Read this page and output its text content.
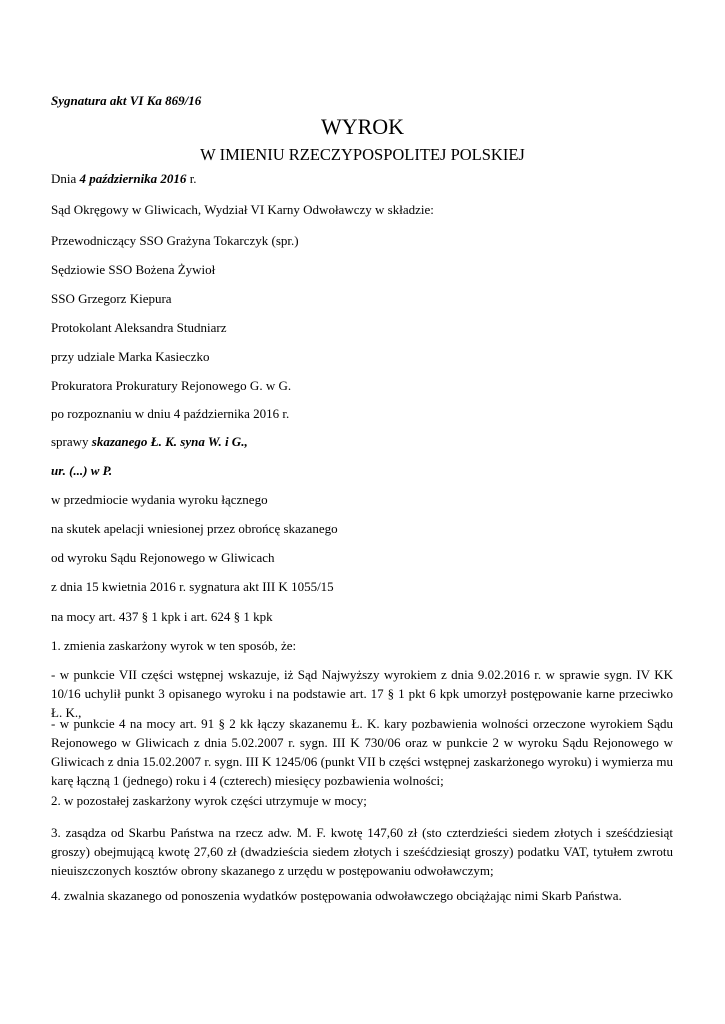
Sygnatura akt VI Ka 869/16
WYROK
W IMIENIU RZECZYPOSPOLITEJ POLSKIEJ
Dnia 4 października 2016 r.
Sąd Okręgowy w Gliwicach, Wydział VI Karny Odwoławczy w składzie:
Przewodniczący SSO Grażyna Tokarczyk (spr.)
Sędziowie SSO Bożena Żywioł
SSO Grzegorz Kiepura
Protokolant Aleksandra Studniarz
przy udziale Marka Kasieczko
Prokuratora Prokuratury Rejonowego G. w G.
po rozpoznaniu w dniu 4 października 2016 r.
sprawy skazanego Ł. K. syna W. i G.,
ur. (...) w P.
w przedmiocie wydania wyroku łącznego
na skutek apelacji wniesionej przez obrońcę skazanego
od wyroku Sądu Rejonowego w Gliwicach
z dnia 15 kwietnia 2016 r. sygnatura akt III K 1055/15
na mocy art. 437 § 1 kpk i art. 624 § 1 kpk
1. zmienia zaskarżony wyrok w ten sposób, że:
- w punkcie VII części wstępnej wskazuje, iż Sąd Najwyższy wyrokiem z dnia 9.02.2016 r. w sprawie sygn. IV KK 10/16 uchylił punkt 3 opisanego wyroku i na podstawie art. 17 § 1 pkt 6 kpk umorzył postępowanie karne przeciwko Ł. K.,
- w punkcie 4 na mocy art. 91 § 2 kk łączy skazanemu Ł. K. kary pozbawienia wolności orzeczone wyrokiem Sądu Rejonowego w Gliwicach z dnia 5.02.2007 r. sygn. III K 730/06 oraz w punkcie 2 w wyroku Sądu Rejonowego w Gliwicach z dnia 15.02.2007 r. sygn. III K 1245/06 (punkt VII b części wstępnej zaskarżonego wyroku) i wymierza mu karę łączną 1 (jednego) roku i 4 (czterech) miesięcy pozbawienia wolności;
2. w pozostałej zaskarżony wyrok części utrzymuje w mocy;
3. zasądza od Skarbu Państwa na rzecz adw. M. F. kwotę 147,60 zł (sto czterdzieści siedem złotych i sześćdziesiąt groszy) obejmującą kwotę 27,60 zł (dwadzieścia siedem złotych i sześćdziesiąt groszy) podatku VAT, tytułem zwrotu nieuiszczonych kosztów obrony skazanego z urzędu w postępowaniu odwoławczym;
4. zwalnia skazanego od ponoszenia wydatków postępowania odwoławczego obciążając nimi Skarb Państwa.
